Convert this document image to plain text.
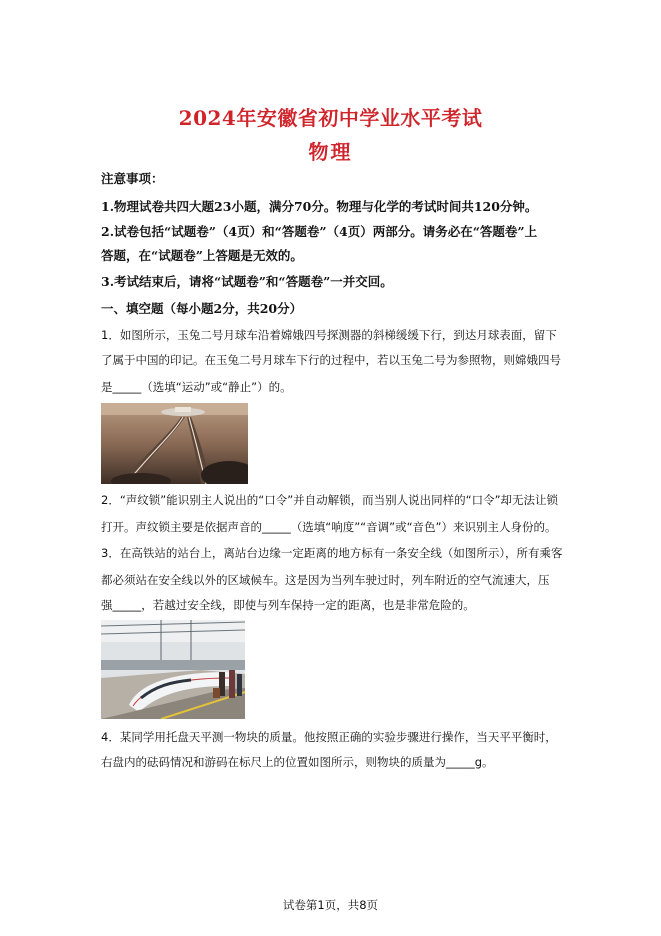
2024年安徽省初中学业水平考试
物理
注意事项：
1.物理试卷共四大题23小题，满分70分。物理与化学的考试时间共120分钟。
2.试卷包括“试题卷”（4页）和“答题卷”（4页）两部分。请务必在“答题卷”上
答题，在“试题卷”上答题是无效的。
3.考试结束后，请将“试题卷”和“答题卷”一并交回。
一、填空题（每小题2分，共20分）
1．如图所示，玉兔二号月球车沿着嫦娥四号探测器的斜梯缓缓下行，到达月球表面，留下
了属于中国的印记。在玉兔二号月球车下行的过程中，若以玉兔二号为参照物，则嫦娥四号
是_____（选填“运动”或“静止”）的。
2．“声纹锁”能识别主人说出的“口令”并自动解锁，而当别人说出同样的“口令”却无法让锁
打开。声纹锁主要是依据声音的_____（选填“响度”“音调”或“音色”）来识别主人身份的。
3．在高铁站的站台上，离站台边缘一定距离的地方标有一条安全线（如图所示），所有乘客
都必须站在安全线以外的区域候车。这是因为当列车驶过时，列车附近的空气流速大，压
强_____，若越过安全线，即使与列车保持一定的距离，也是非常危险的。
4．某同学用托盘天平测一物块的质量。他按照正确的实验步骤进行操作，当天平平衡时，
右盘内的砝码情况和游码在标尺上的位置如图所示，则物块的质量为_____g。
试卷第1页，共8页
